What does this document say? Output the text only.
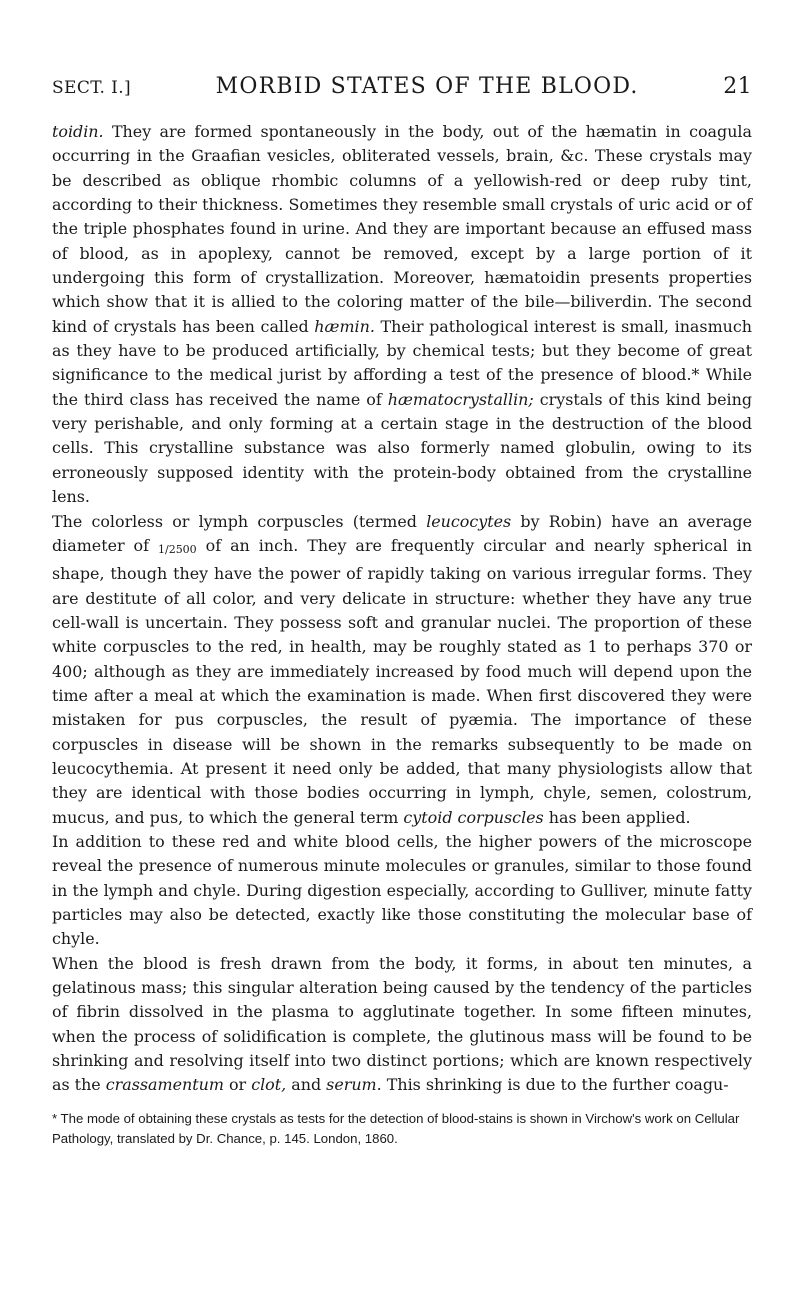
SECT. I.]	MORBID STATES OF THE BLOOD.	21

toidin. They are formed spontaneously in the body, out of the hæmatin in coagula occurring in the Graafian vesicles, obliterated vessels, brain, &c. These crystals may be described as oblique rhombic columns of a yellowish-red or deep ruby tint, according to their thickness. Sometimes they resemble small crystals of uric acid or of the triple phosphates found in urine. And they are important because an effused mass of blood, as in apoplexy, cannot be removed, except by a large portion of it undergoing this form of crystallization. Moreover, hæmatoidin presents properties which show that it is allied to the coloring matter of the bile—biliverdin. The second kind of crystals has been called hæmin. Their pathological interest is small, inasmuch as they have to be produced artificially, by chemical tests; but they become of great significance to the medical jurist by affording a test of the presence of blood.* While the third class has received the name of hæmatocrystallin; crystals of this kind being very perishable, and only forming at a certain stage in the destruction of the blood cells. This crystalline substance was also formerly named globulin, owing to its erroneously supposed identity with the protein-body obtained from the crystalline lens.

The colorless or lymph corpuscles (termed leucocytes by Robin) have an average diameter of 1/2500 of an inch. They are frequently circular and nearly spherical in shape, though they have the power of rapidly taking on various irregular forms. They are destitute of all color, and very delicate in structure: whether they have any true cell-wall is uncertain. They possess soft and granular nuclei. The proportion of these white corpuscles to the red, in health, may be roughly stated as 1 to perhaps 370 or 400; although as they are immediately increased by food much will depend upon the time after a meal at which the examination is made. When first discovered they were mistaken for pus corpuscles, the result of pyæmia. The importance of these corpuscles in disease will be shown in the remarks subsequently to be made on leucocythemia. At present it need only be added, that many physiologists allow that they are identical with those bodies occurring in lymph, chyle, semen, colostrum, mucus, and pus, to which the general term cytoid corpuscles has been applied.

In addition to these red and white blood cells, the higher powers of the microscope reveal the presence of numerous minute molecules or granules, similar to those found in the lymph and chyle. During digestion especially, according to Gulliver, minute fatty particles may also be detected, exactly like those constituting the molecular base of chyle.

When the blood is fresh drawn from the body, it forms, in about ten minutes, a gelatinous mass; this singular alteration being caused by the tendency of the particles of fibrin dissolved in the plasma to agglutinate together. In some fifteen minutes, when the process of solidification is complete, the glutinous mass will be found to be shrinking and resolving itself into two distinct portions; which are known respectively as the crassamentum or clot, and serum. This shrinking is due to the further coagu-

* The mode of obtaining these crystals as tests for the detection of blood-stains is shown in Virchow's work on Cellular Pathology, translated by Dr. Chance, p. 145. London, 1860.
